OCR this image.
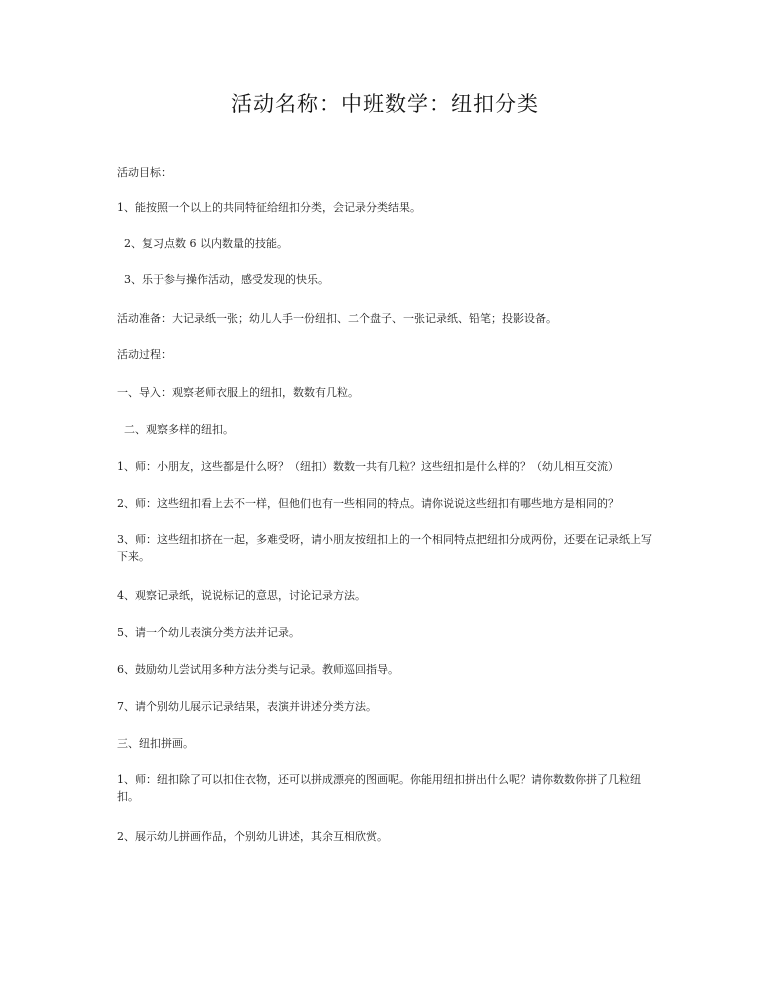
活动名称：中班数学：纽扣分类
活动目标：
1、能按照一个以上的共同特征给纽扣分类，会记录分类结果。
2、复习点数 6 以内数量的技能。
3、乐于参与操作活动，感受发现的快乐。
活动准备：大记录纸一张；幼儿人手一份纽扣、二个盘子、一张记录纸、铅笔；投影设备。
活动过程：
一、导入：观察老师衣服上的纽扣，数数有几粒。
二、观察多样的纽扣。
1、师：小朋友，这些都是什么呀？（纽扣）数数一共有几粒？这些纽扣是什么样的？（幼儿相互交流）
2、师：这些纽扣看上去不一样，但他们也有一些相同的特点。请你说说这些纽扣有哪些地方是相同的？
3、师：这些纽扣挤在一起，多难受呀，请小朋友按纽扣上的一个相同特点把纽扣分成两份，还要在记录纸上写下来。
4、观察记录纸，说说标记的意思，讨论记录方法。
5、请一个幼儿表演分类方法并记录。
6、鼓励幼儿尝试用多种方法分类与记录。教师巡回指导。
7、请个别幼儿展示记录结果，表演并讲述分类方法。
三、纽扣拼画。
1、师：纽扣除了可以扣住衣物，还可以拼成漂亮的图画呢。你能用纽扣拼出什么呢？请你数数你拼了几粒纽扣。
2、展示幼儿拼画作品，个别幼儿讲述，其余互相欣赏。
